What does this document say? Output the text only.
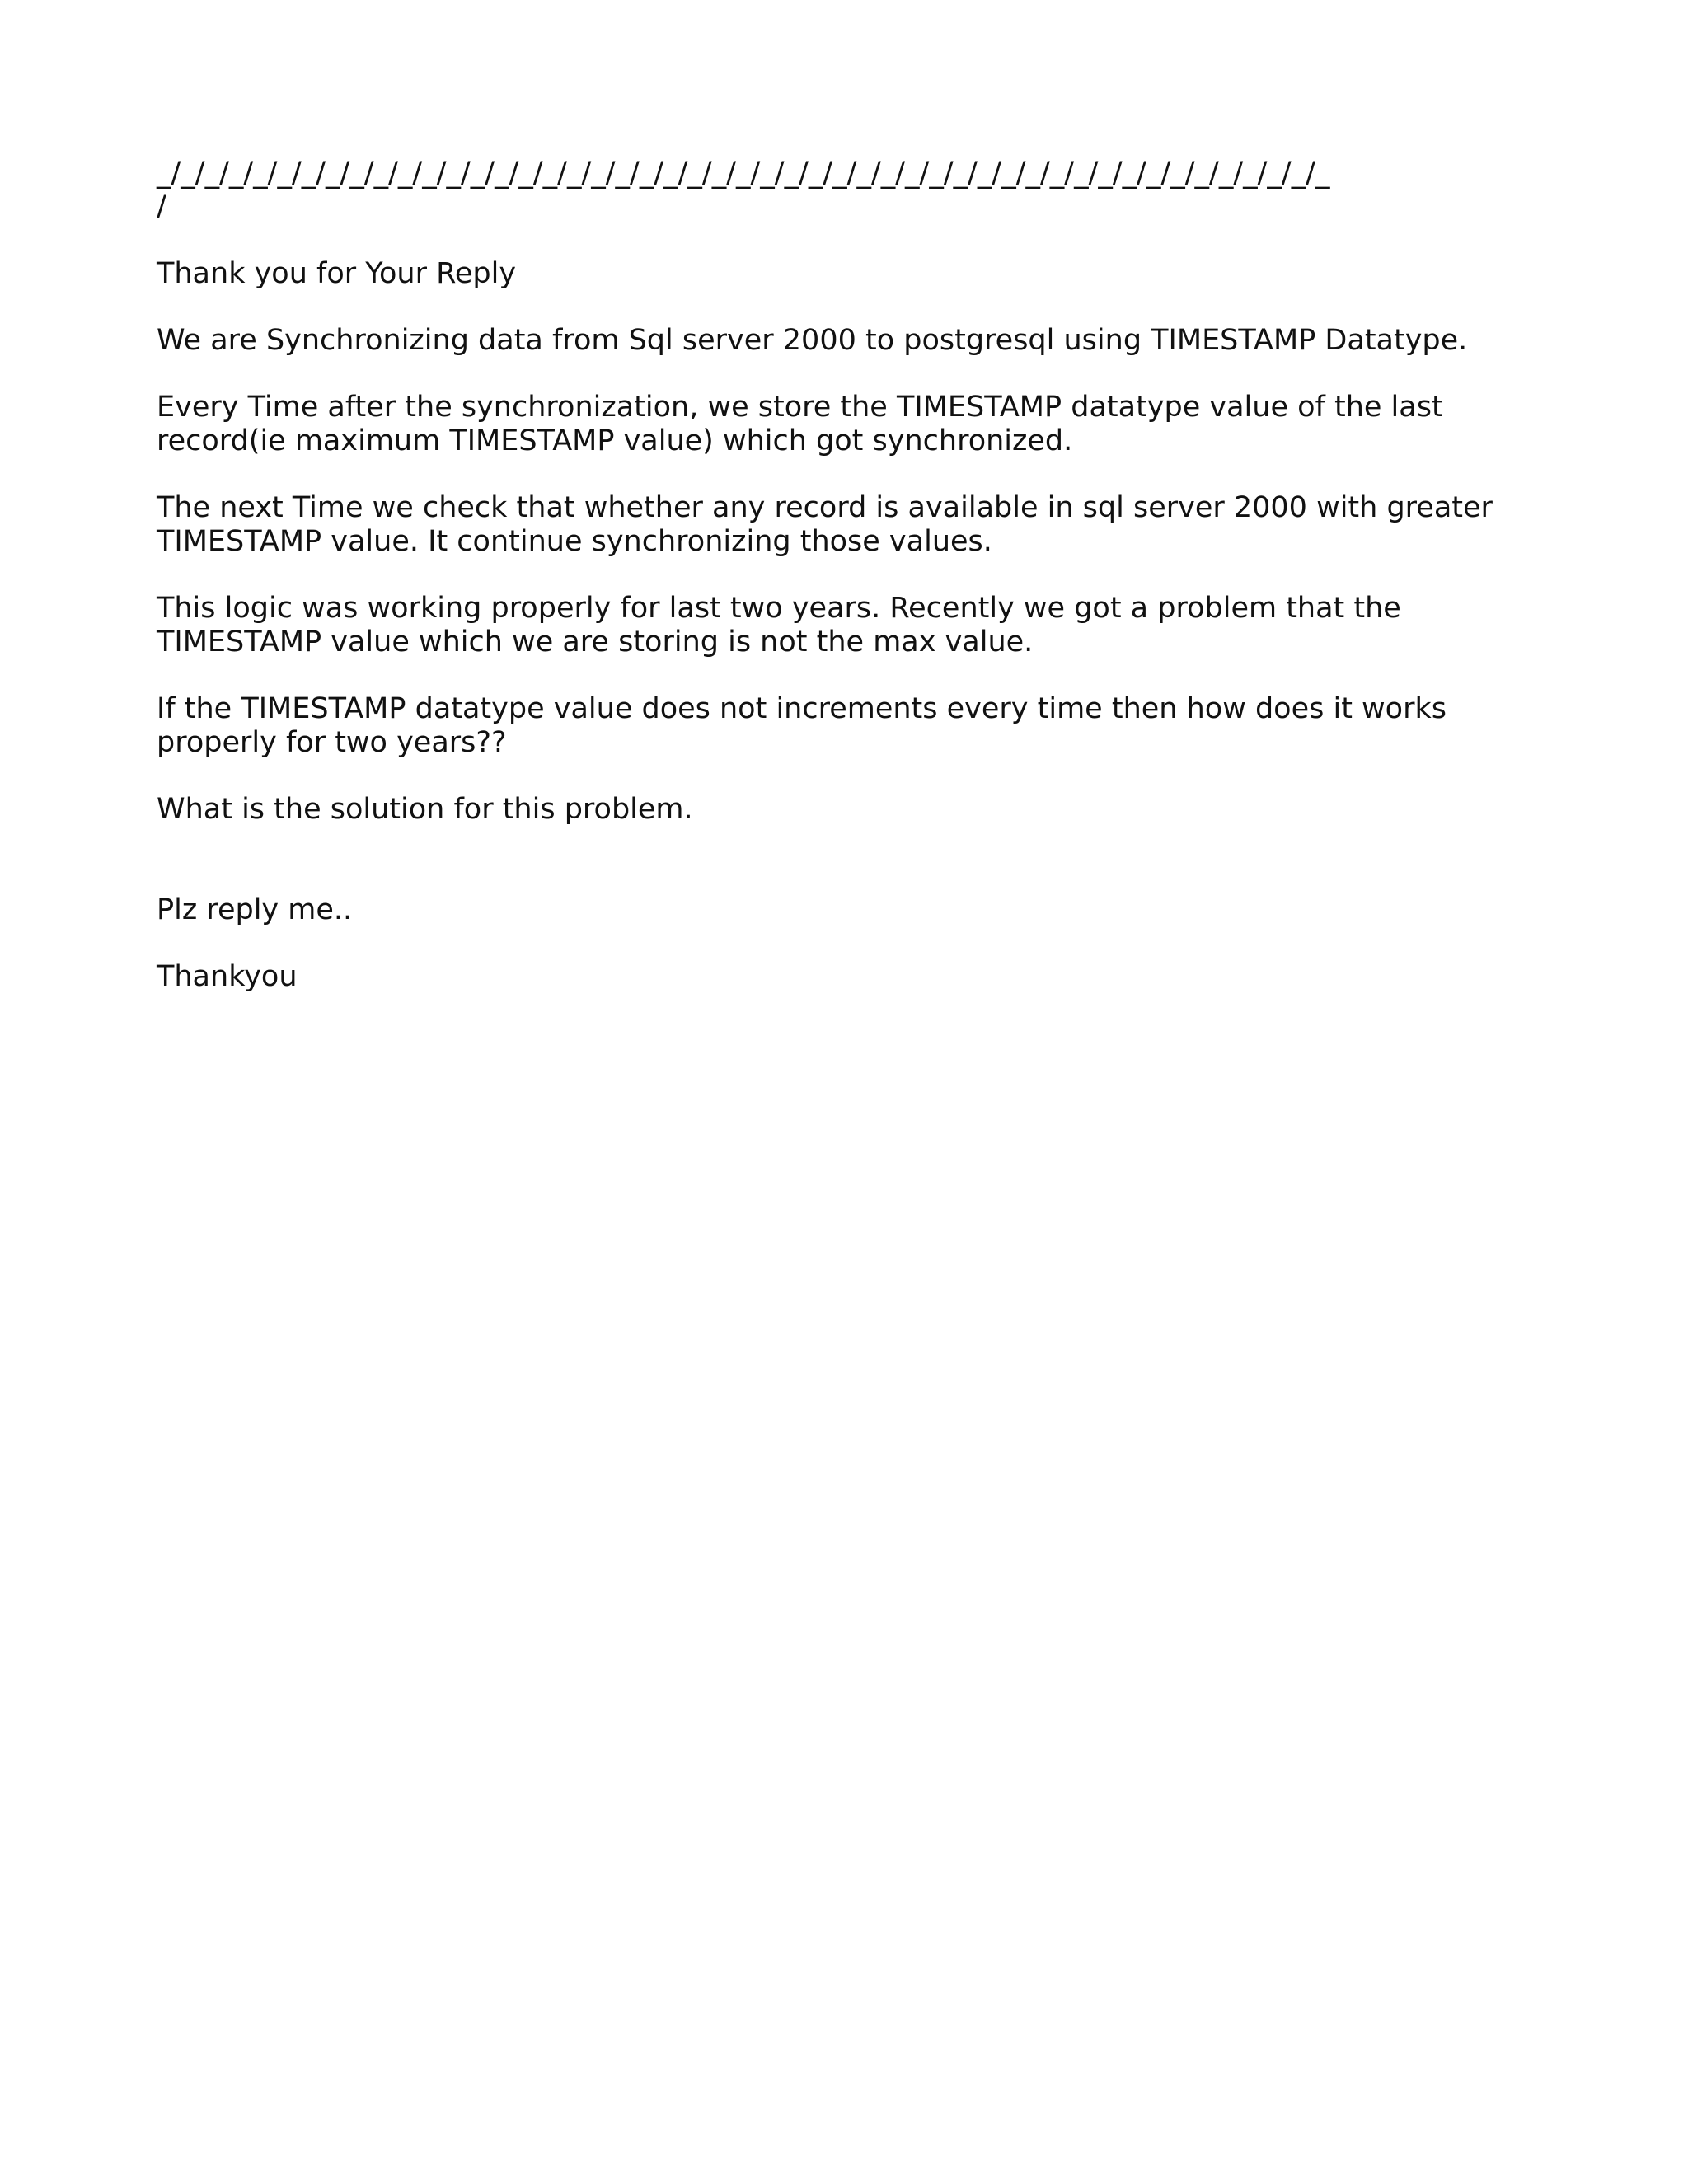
_/_/_/_/_/_/_/_/_/_/_/_/_/_/_/_/_/_/_/_/_/_/_/_/_/_/_/_/_/_/_/_/_/_/_/_/_/_/_/_/_/_/_/_/_/_/_/_/_
/
Thank you for Your Reply
We are Synchronizing data from Sql server 2000 to postgresql using TIMESTAMP Datatype.
Every Time after the synchronization, we store the TIMESTAMP datatype value of the last record(ie maximum TIMESTAMP value) which got synchronized.
The next Time we check that whether any record is available in sql server 2000 with greater TIMESTAMP value. It continue synchronizing those values.
This logic was working properly for last two years. Recently we got a problem that the TIMESTAMP value which we are storing is not the max value.
If the TIMESTAMP datatype value does not increments every time then how does it works properly for two years??
What is the solution for this problem.
Plz reply me..
Thankyou
